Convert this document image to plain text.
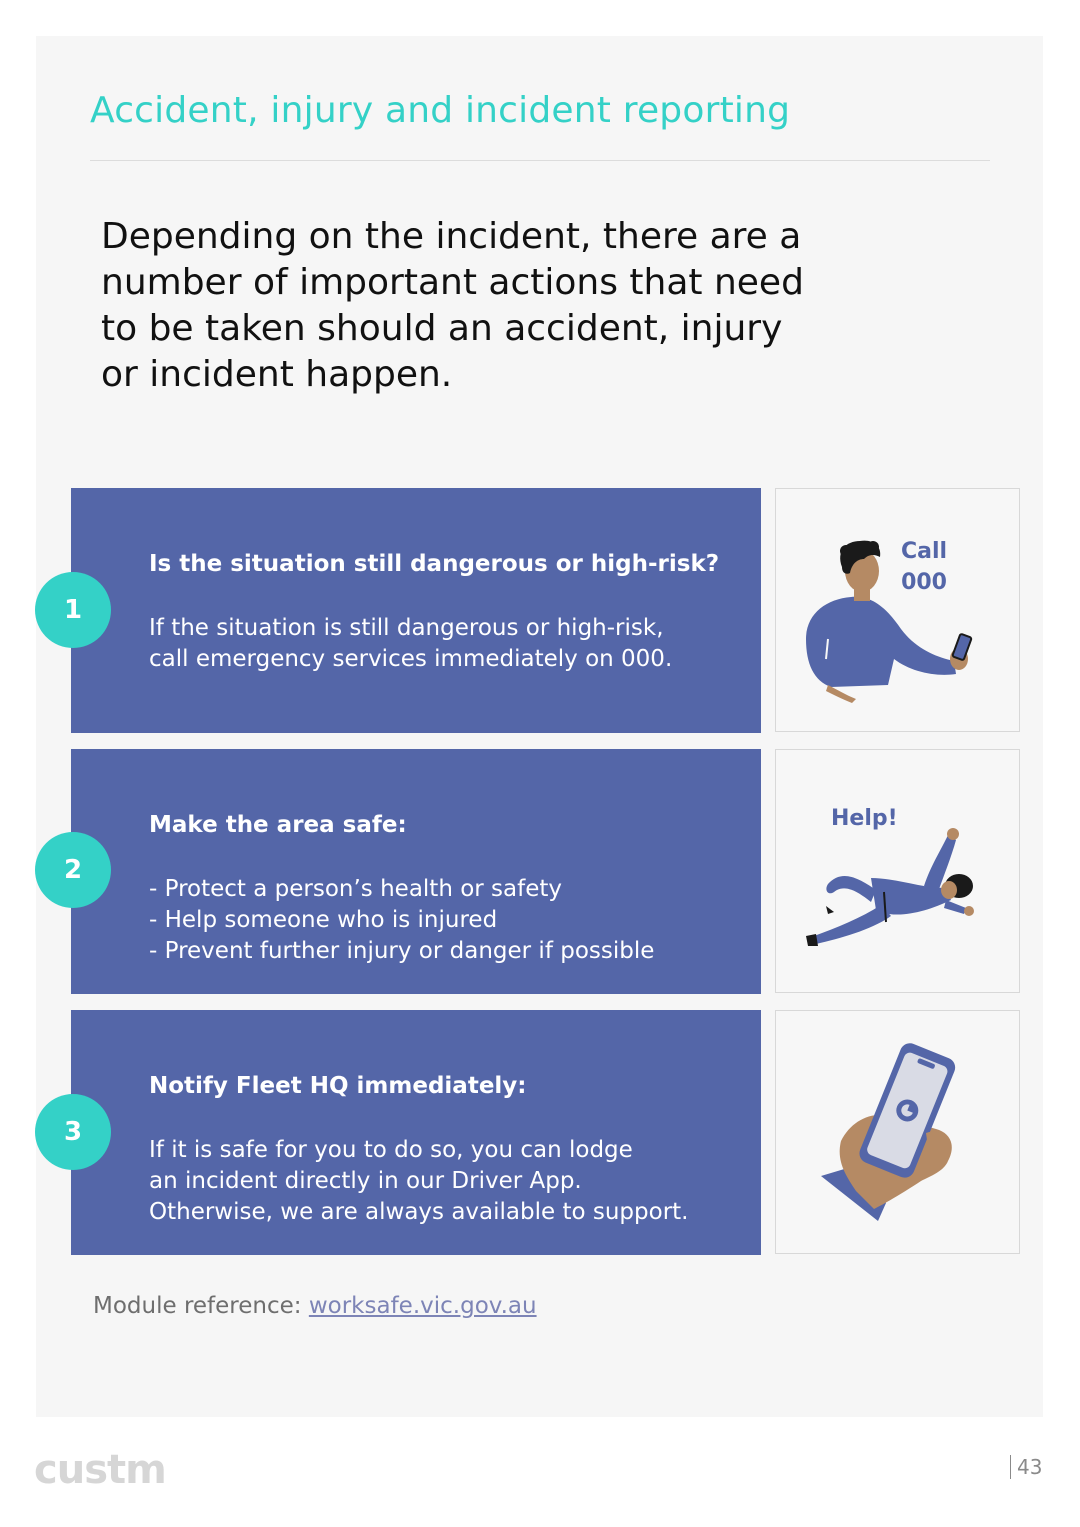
Accident, injury and incident reporting

Depending on the incident, there are a number of important actions that need to be taken should an accident, injury or incident happen.

Is the situation still dangerous or high-risk?
If the situation is still dangerous or high-risk,
call emergency services immediately on 000.
1
Call
000
Make the area safe:
- Protect a person’s health or safety
- Help someone who is injured
- Prevent further injury or danger if possible
2
Help!
Notify Fleet HQ immediately:
If it is safe for you to do so, you can lodge
an incident directly in our Driver App.
Otherwise, we are always available to support.
3
Module reference: worksafe.vic.gov.au
custm	43
